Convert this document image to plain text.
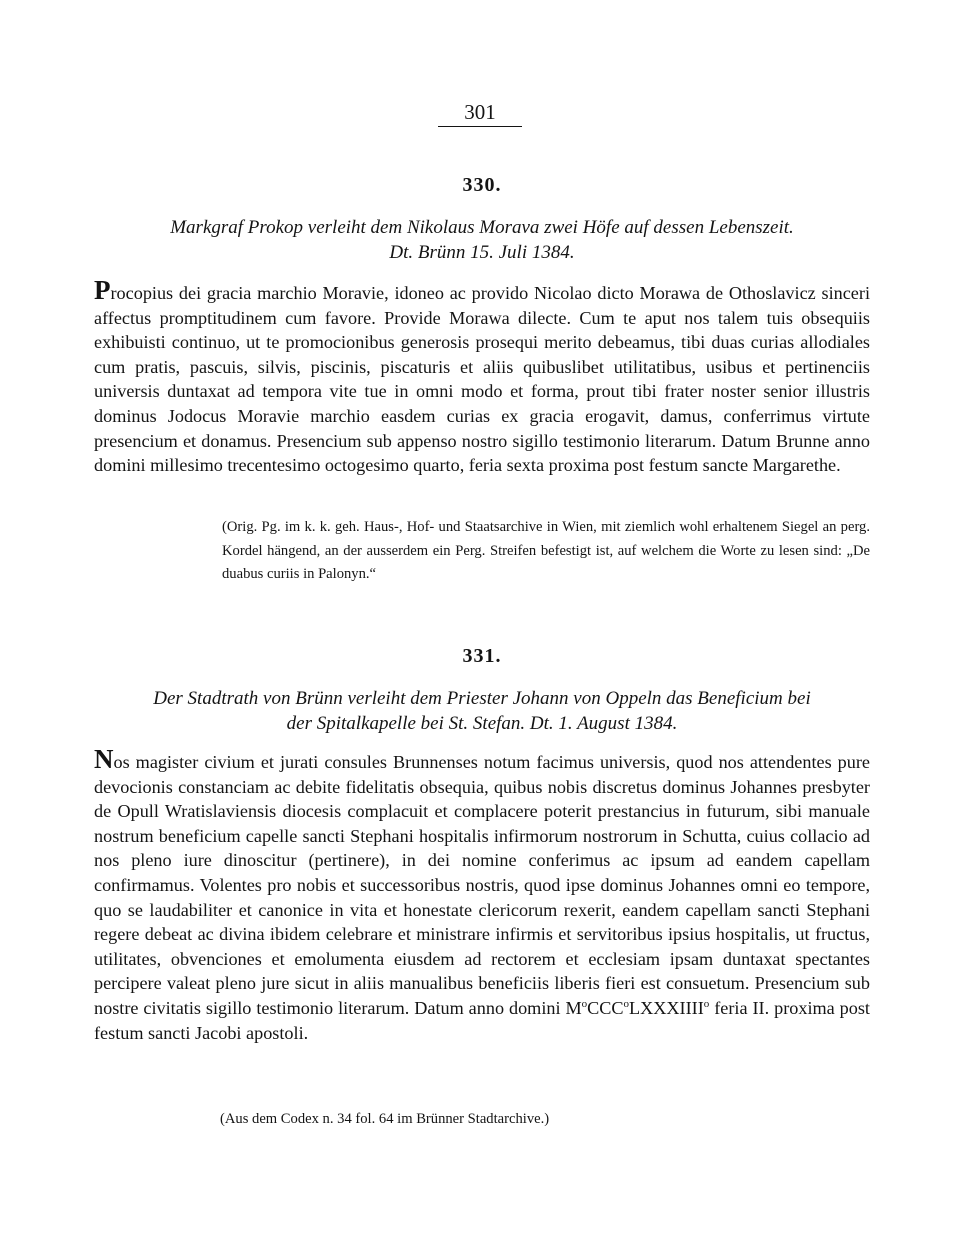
301
330.
Markgraf Prokop verleiht dem Nikolaus Morava zwei Höfe auf dessen Lebenszeit.
Dt. Brünn 15. Juli 1384.

Procopius dei gracia marchio Moravie, idoneo ac provido Nicolao dicto Morawa de Othoslavicz sinceri affectus promptitudinem cum favore. Provide Morawa dilecte. Cum te aput nos talem tuis obsequiis exhibuisti continuo, ut te promocionibus generosis prosequi merito debeamus, tibi duas curias allodiales cum pratis, pascuis, silvis, piscinis, piscaturis et aliis quibuslibet utilitatibus, usibus et pertinenciis universis duntaxat ad tempora vite tue in omni modo et forma, prout tibi frater noster senior illustris dominus Jodocus Moravie marchio easdem curias ex gracia erogavit, damus, conferrimus virtute presencium et donamus. Presencium sub appenso nostro sigillo testimonio literarum. Datum Brunne anno domini millesimo trecentesimo octogesimo quarto, feria sexta proxima post festum sancte Margarethe.

(Orig. Pg. im k. k. geh. Haus-, Hof- und Staatsarchive in Wien, mit ziemlich wohl erhaltenem Siegel an perg. Kordel hängend, an der ausserdem ein Perg. Streifen befestigt ist, auf welchem die Worte zu lesen sind: „De duabus curiis in Palonyn.“

331.
Der Stadtrath von Brünn verleiht dem Priester Johann von Oppeln das Beneficium bei
der Spitalkapelle bei St. Stefan. Dt. 1. August 1384.

Nos magister civium et jurati consules Brunnenses notum facimus universis, quod nos attendentes pure devocionis constanciam ac debite fidelitatis obsequia, quibus nobis discretus dominus Johannes presbyter de Opull Wratislaviensis diocesis complacuit et complacere poterit prestancius in futurum, sibi manuale nostrum beneficium capelle sancti Stephani hospitalis infirmorum nostrorum in Schutta, cuius collacio ad nos pleno iure dinoscitur (pertinere), in dei nomine conferimus ac ipsum ad eandem capellam confirmamus. Volentes pro nobis et successoribus nostris, quod ipse dominus Johannes omni eo tempore, quo se laudabiliter et canonice in vita et honestate clericorum rexerit, eandem capellam sancti Stephani regere debeat ac divina ibidem celebrare et ministrare infirmis et servitoribus ipsius hospitalis, ut fructus, utilitates, obvenciones et emolumenta eiusdem ad rectorem et ecclesiam ipsam duntaxat spectantes percipere valeat pleno jure sicut in aliis manualibus beneficiis liberis fieri est consuetum. Presencium sub nostre civitatis sigillo testimonio literarum. Datum anno domini $M^oCCC^oLXXXIIII^o$ feria II. proxima post festum sancti Jacobi apostoli.

(Aus dem Codex n. 34 fol. 64 im Brünner Stadtarchive.)
